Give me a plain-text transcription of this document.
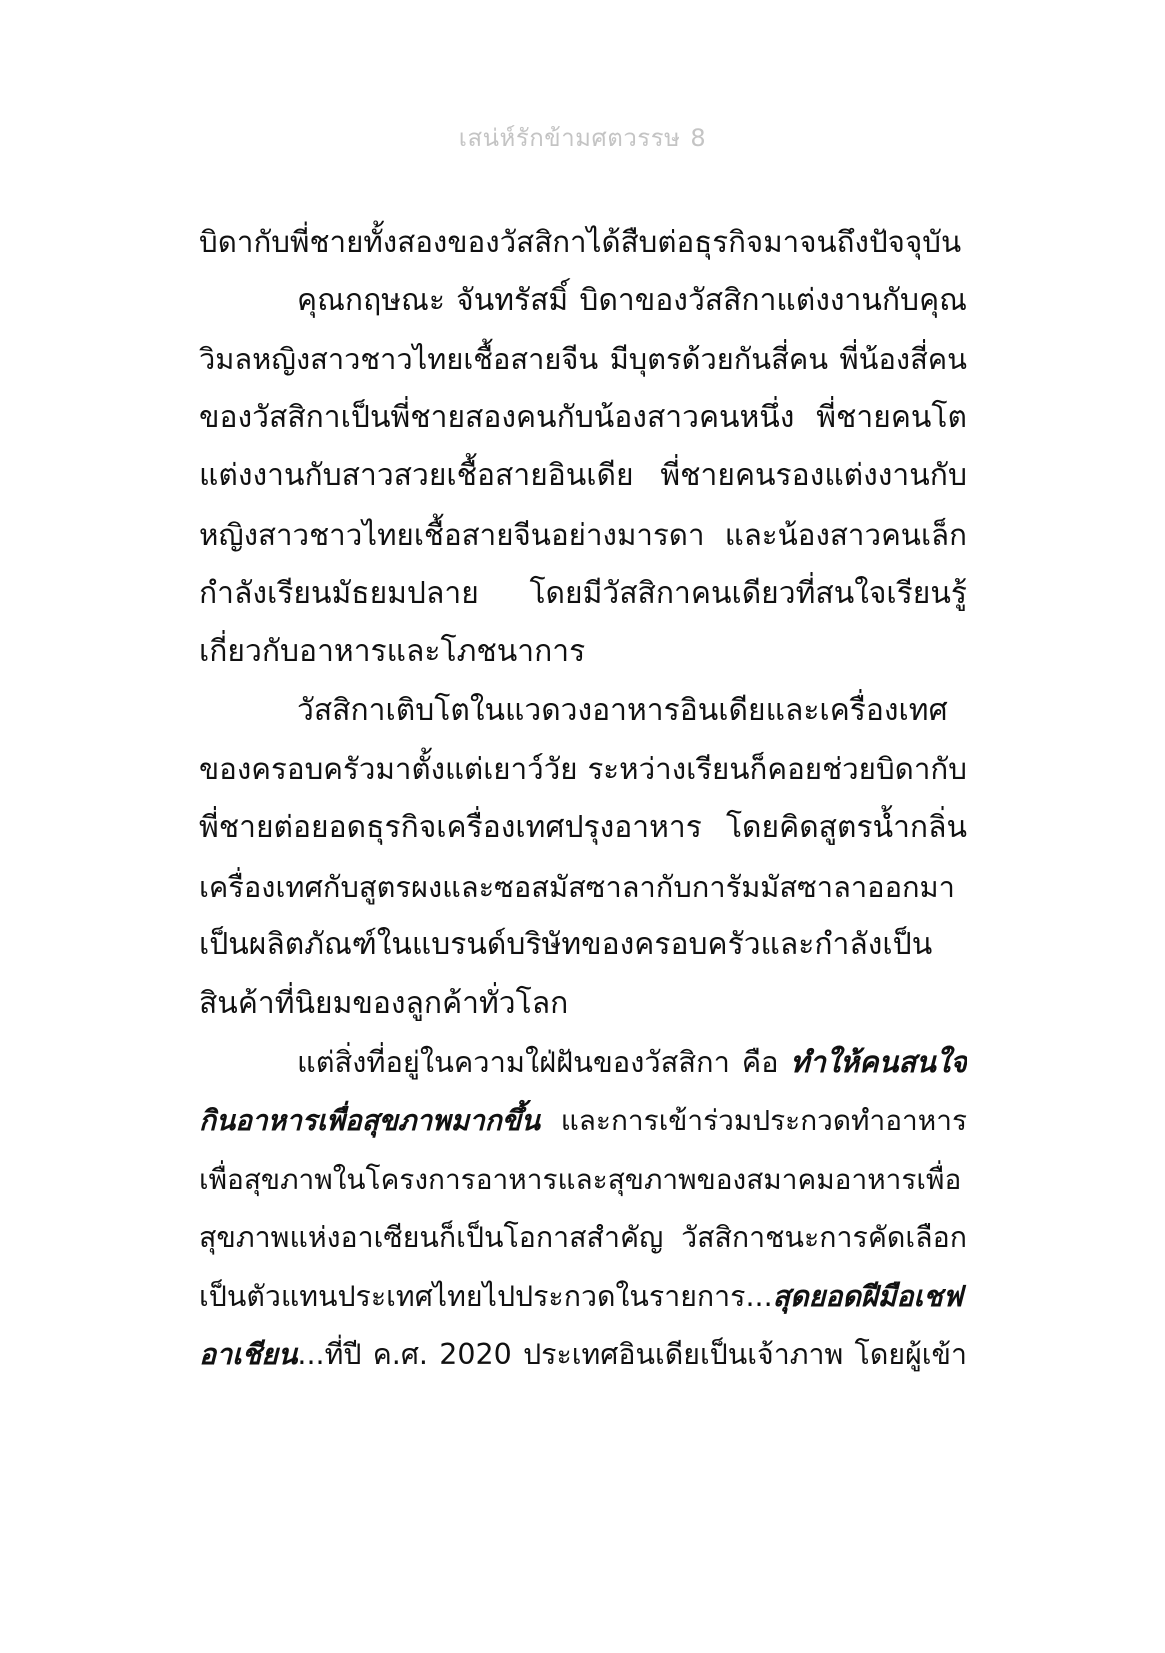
เสน่ห์รักข้ามศตวรรษ 8
บิดากับพี่ชายทั้งสองของวัสสิกาได้สืบต่อธุรกิจมาจนถึงปัจจุบัน
คุณกฤษณะ จันทรัสมิ์ บิดาของวัสสิกาแต่งงานกับคุณ
วิมลหญิงสาวชาวไทยเชื้อสายจีน มีบุตรด้วยกันสี่คน พี่น้องสี่คน
ของวัสสิกาเป็นพี่ชายสองคนกับน้องสาวคนหนึ่ง พี่ชายคนโต
แต่งงานกับสาวสวยเชื้อสายอินเดีย พี่ชายคนรองแต่งงานกับ
หญิงสาวชาวไทยเชื้อสายจีนอย่างมารดา และน้องสาวคนเล็ก
กำลังเรียนมัธยมปลาย โดยมีวัสสิกาคนเดียวที่สนใจเรียนรู้
เกี่ยวกับอาหารและโภชนาการ
วัสสิกาเติบโตในแวดวงอาหารอินเดียและเครื่องเทศ
ของครอบครัวมาตั้งแต่เยาว์วัย ระหว่างเรียนก็คอยช่วยบิดากับ
พี่ชายต่อยอดธุรกิจเครื่องเทศปรุงอาหาร โดยคิดสูตรน้ำกลิ่น
เครื่องเทศกับสูตรผงและซอสมัสซาลากับการัมมัสซาลาออกมา
เป็นผลิตภัณฑ์ในแบรนด์บริษัทของครอบครัวและกำลังเป็น
สินค้าที่นิยมของลูกค้าทั่วโลก
แต่สิ่งที่อยู่ในความใฝ่ฝันของวัสสิกา คือ ทำให้คนสนใจ
กินอาหารเพื่อสุขภาพมากขึ้น และการเข้าร่วมประกวดทำอาหาร
เพื่อสุขภาพในโครงการอาหารและสุขภาพของสมาคมอาหารเพื่อ
สุขภาพแห่งอาเซียนก็เป็นโอกาสสำคัญ วัสสิกาชนะการคัดเลือก
เป็นตัวแทนประเทศไทยไปประกวดในรายการ...สุดยอดฝีมือเชฟ
อาเชียน...ที่ปี ค.ศ. 2020 ประเทศอินเดียเป็นเจ้าภาพ โดยผู้เข้า
